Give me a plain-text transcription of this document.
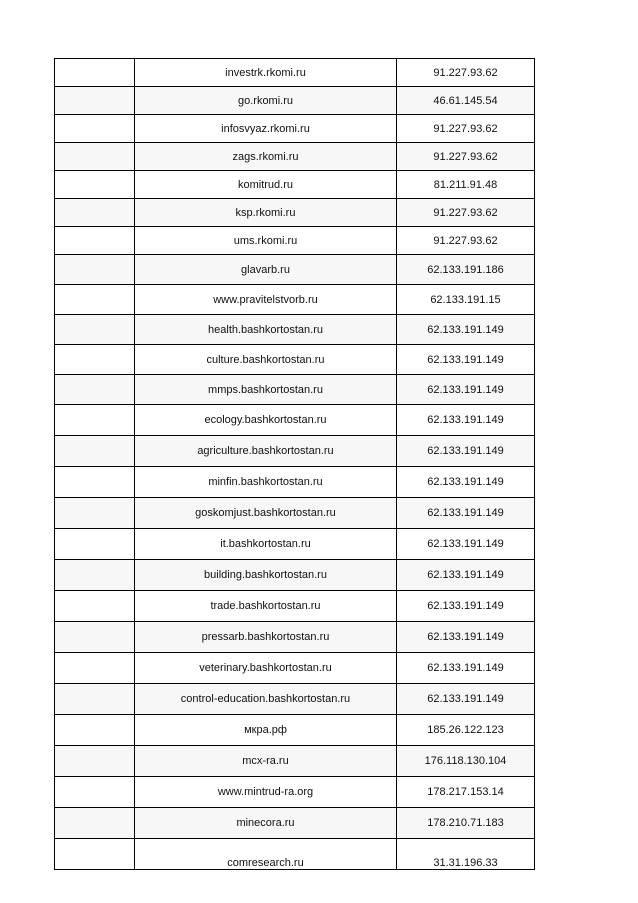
	investrk.rkomi.ru	91.227.93.62
	go.rkomi.ru	46.61.145.54
	infosvyaz.rkomi.ru	91.227.93.62
	zags.rkomi.ru	91.227.93.62
	komitrud.ru	81.211.91.48
	ksp.rkomi.ru	91.227.93.62
	ums.rkomi.ru	91.227.93.62
	glavarb.ru	62.133.191.186
	www.pravitelstvorb.ru	62.133.191.15
	health.bashkortostan.ru	62.133.191.149
	culture.bashkortostan.ru	62.133.191.149
	mmps.bashkortostan.ru	62.133.191.149
	ecology.bashkortostan.ru	62.133.191.149
	agriculture.bashkortostan.ru	62.133.191.149
	minfin.bashkortostan.ru	62.133.191.149
	goskomjust.bashkortostan.ru	62.133.191.149
	it.bashkortostan.ru	62.133.191.149
	building.bashkortostan.ru	62.133.191.149
	trade.bashkortostan.ru	62.133.191.149
	pressarb.bashkortostan.ru	62.133.191.149
	veterinary.bashkortostan.ru	62.133.191.149
	control-education.bashkortostan.ru	62.133.191.149
	мкра.рф	185.26.122.123
	mcx-ra.ru	176.118.130.104
	www.mintrud-ra.org	178.217.153.14
	minecora.ru	178.210.71.183
	comresearch.ru	31.31.196.33
